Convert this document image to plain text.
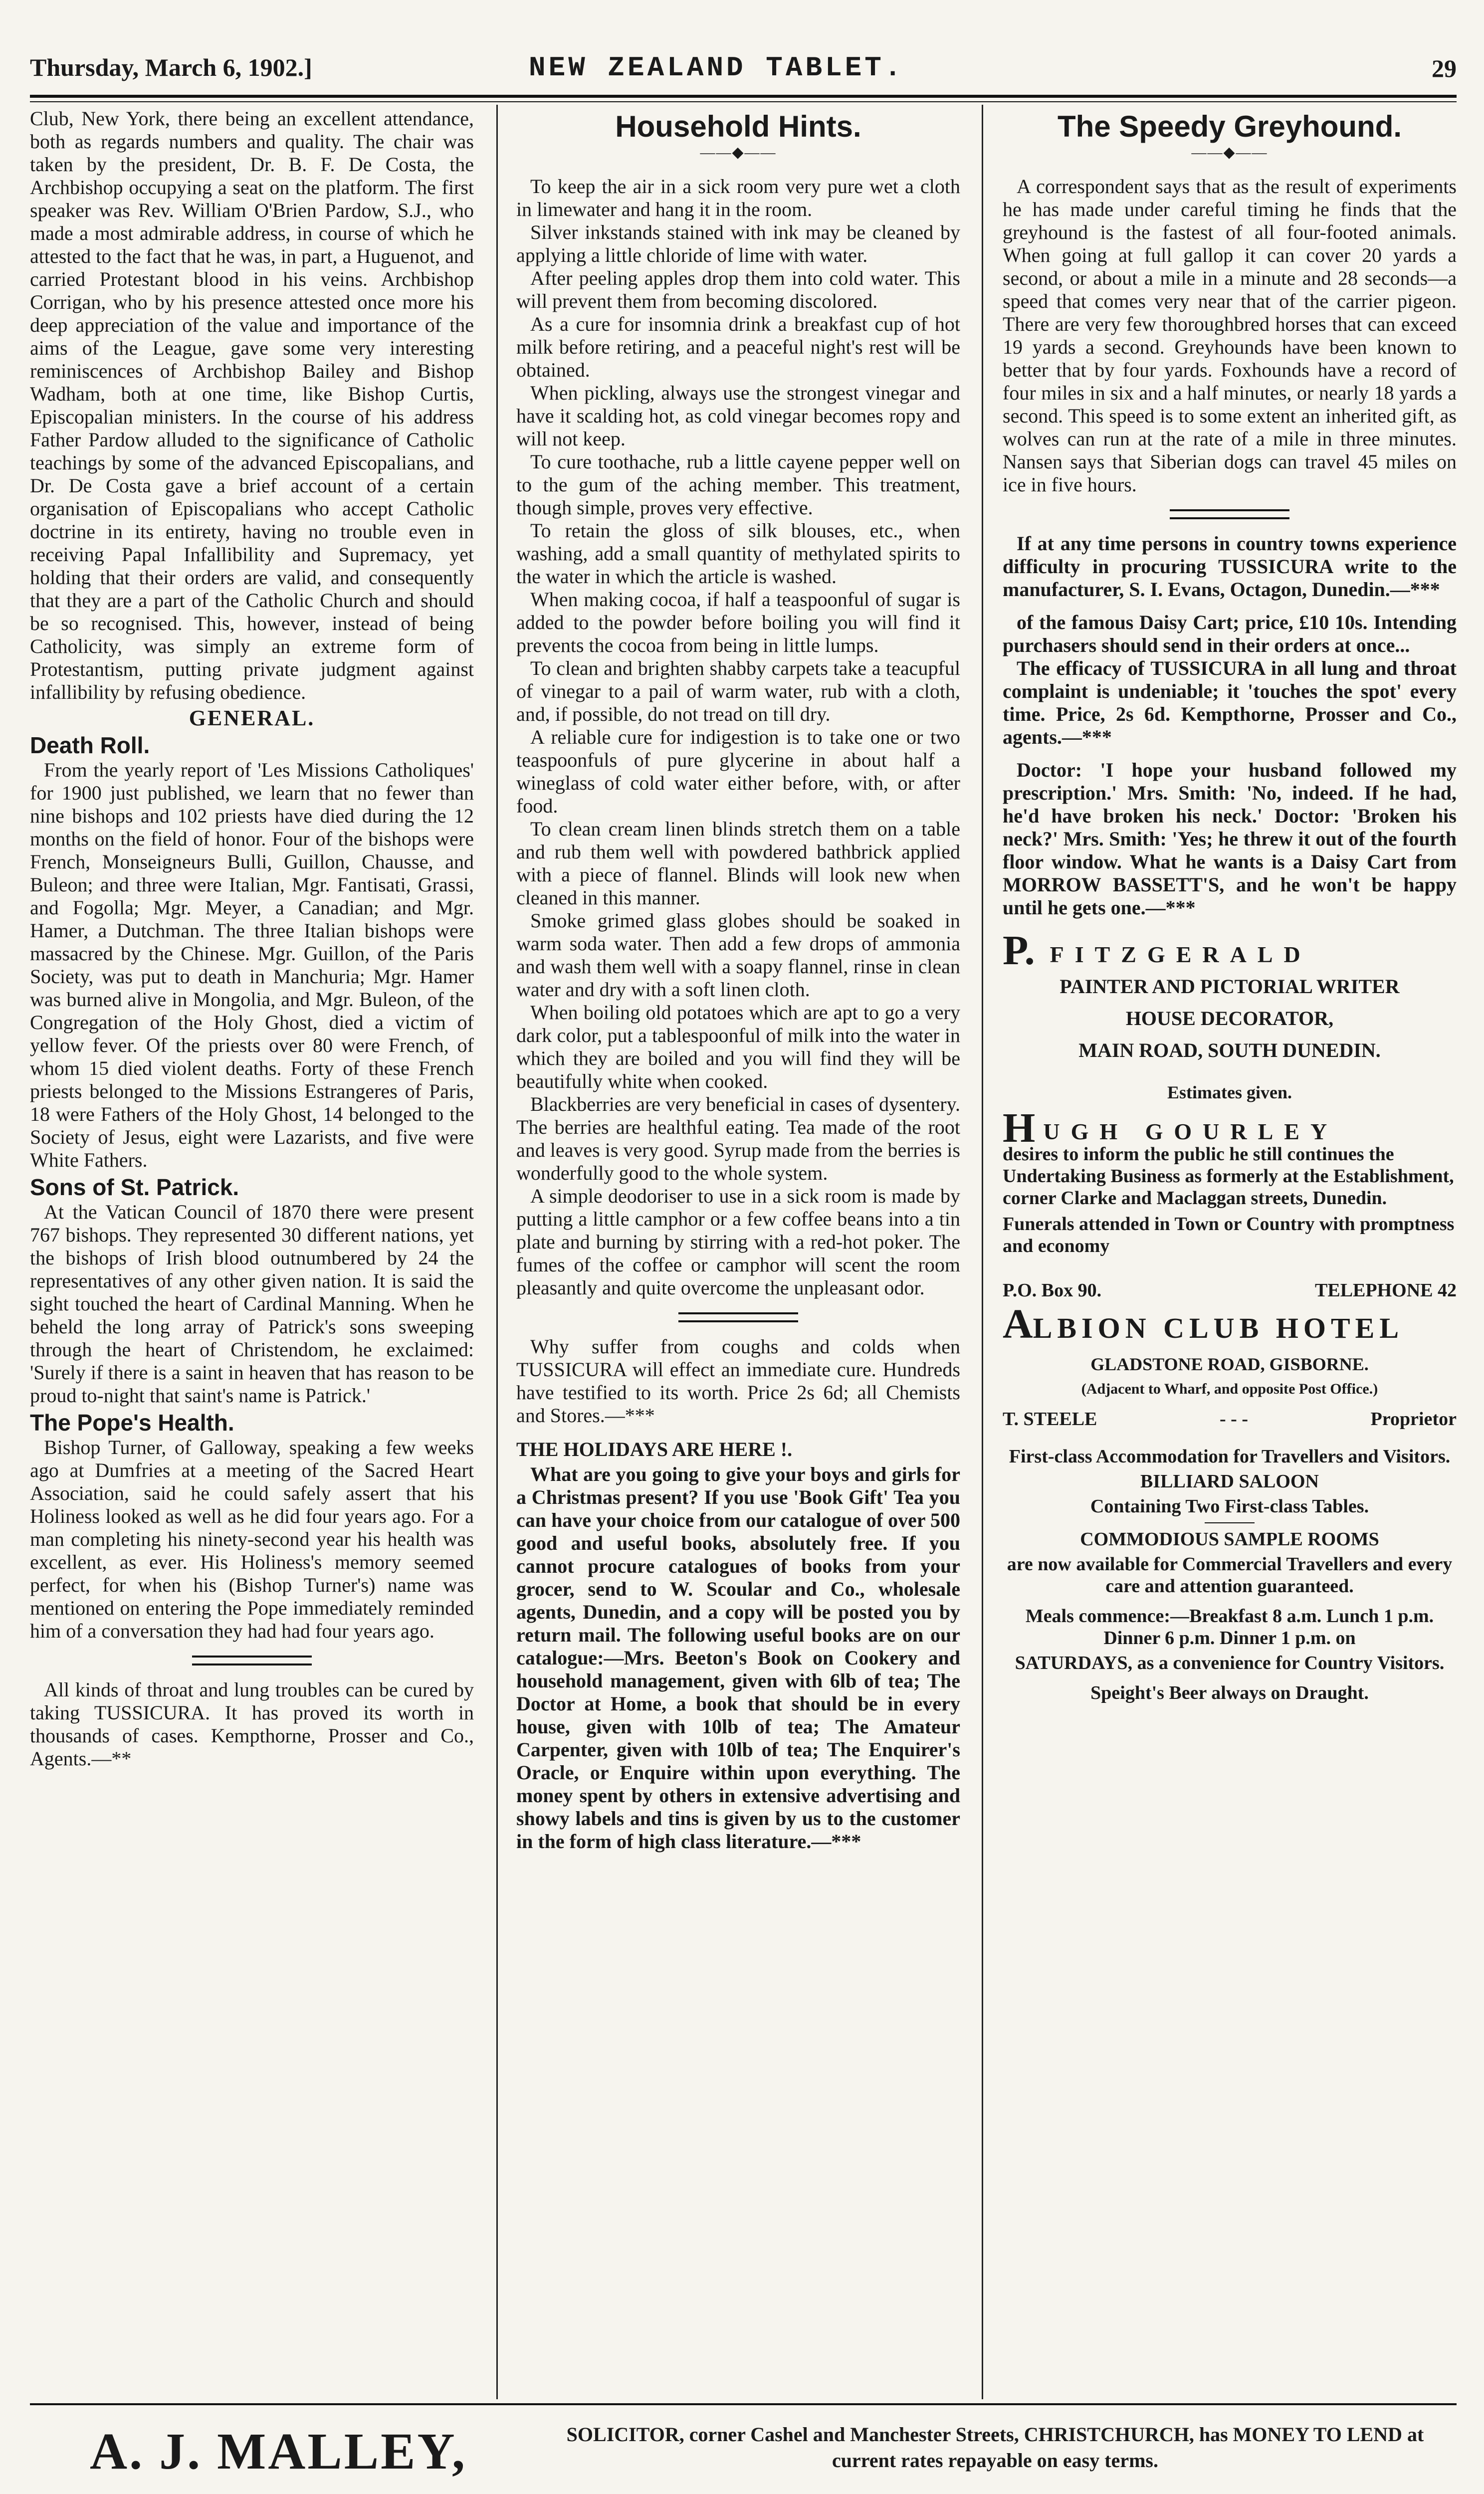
Thursday, March 6, 1902.]	NEW ZEALAND TABLET.	29

Club, New York, there being an excellent attendance, both as regards numbers and quality. The chair was taken by the president, Dr. B. F. De Costa, the Archbishop occupying a seat on the platform. The first speaker was Rev. William O'Brien Pardow, S.J., who made a most admirable address, in course of which he attested to the fact that he was, in part, a Huguenot, and carried Protestant blood in his veins. Archbishop Corrigan, who by his presence attested once more his deep appreciation of the value and importance of the aims of the League, gave some very interesting reminiscences of Archbishop Bailey and Bishop Wadham, both at one time, like Bishop Curtis, Episcopalian ministers. In the course of his address Father Pardow alluded to the significance of Catholic teachings by some of the advanced Episcopalians, and Dr. De Costa gave a brief account of a certain organisation of Episcopalians who accept Catholic doctrine in its entirety, having no trouble even in receiving Papal Infallibility and Supremacy, yet holding that their orders are valid, and consequently that they are a part of the Catholic Church and should be so recognised. This, however, instead of being Catholicity, was simply an extreme form of Protestantism, putting private judgment against infallibility by refusing obedience.

GENERAL.
Death Roll.

From the yearly report of 'Les Missions Catholiques' for 1900 just published, we learn that no fewer than nine bishops and 102 priests have died during the 12 months on the field of honor. Four of the bishops were French, Monseigneurs Bulli, Guillon, Chausse, and Buleon; and three were Italian, Mgr. Fantisati, Grassi, and Fogolla; Mgr. Meyer, a Canadian; and Mgr. Hamer, a Dutchman. The three Italian bishops were massacred by the Chinese. Mgr. Guillon, of the Paris Society, was put to death in Manchuria; Mgr. Hamer was burned alive in Mongolia, and Mgr. Buleon, of the Congregation of the Holy Ghost, died a victim of yellow fever. Of the priests over 80 were French, of whom 15 died violent deaths. Forty of these French priests belonged to the Missions Estrangeres of Paris, 18 were Fathers of the Holy Ghost, 14 belonged to the Society of Jesus, eight were Lazarists, and five were White Fathers.

Sons of St. Patrick.

At the Vatican Council of 1870 there were present 767 bishops. They represented 30 different nations, yet the bishops of Irish blood outnumbered by 24 the representatives of any other given nation. It is said the sight touched the heart of Cardinal Manning. When he beheld the long array of Patrick's sons sweeping through the heart of Christendom, he exclaimed: 'Surely if there is a saint in heaven that has reason to be proud to-night that saint's name is Patrick.'

The Pope's Health.

Bishop Turner, of Galloway, speaking a few weeks ago at Dumfries at a meeting of the Sacred Heart Association, said he could safely assert that his Holiness looked as well as he did four years ago. For a man completing his ninety-second year his health was excellent, as ever. His Holiness's memory seemed perfect, for when his (Bishop Turner's) name was mentioned on entering the Pope immediately reminded him of a conversation they had had four years ago.

All kinds of throat and lung troubles can be cured by taking TUSSICURA. It has proved its worth in thousands of cases. Kempthorne, Prosser and Co., Agents.—**

Household Hints.
——◆——

To keep the air in a sick room very pure wet a cloth in limewater and hang it in the room.

Silver inkstands stained with ink may be cleaned by applying a little chloride of lime with water.

After peeling apples drop them into cold water. This will prevent them from becoming discolored.

As a cure for insomnia drink a breakfast cup of hot milk before retiring, and a peaceful night's rest will be obtained.

When pickling, always use the strongest vinegar and have it scalding hot, as cold vinegar becomes ropy and will not keep.

To cure toothache, rub a little cayene pepper well on to the gum of the aching member. This treatment, though simple, proves very effective.

To retain the gloss of silk blouses, etc., when washing, add a small quantity of methylated spirits to the water in which the article is washed.

When making cocoa, if half a teaspoonful of sugar is added to the powder before boiling you will find it prevents the cocoa from being in little lumps.

To clean and brighten shabby carpets take a teacupful of vinegar to a pail of warm water, rub with a cloth, and, if possible, do not tread on till dry.

A reliable cure for indigestion is to take one or two teaspoonfuls of pure glycerine in about half a wineglass of cold water either before, with, or after food.

To clean cream linen blinds stretch them on a table and rub them well with powdered bathbrick applied with a piece of flannel. Blinds will look new when cleaned in this manner.

Smoke grimed glass globes should be soaked in warm soda water. Then add a few drops of ammonia and wash them well with a soapy flannel, rinse in clean water and dry with a soft linen cloth.

When boiling old potatoes which are apt to go a very dark color, put a tablespoonful of milk into the water in which they are boiled and you will find they will be beautifully white when cooked.

Blackberries are very beneficial in cases of dysentery. The berries are healthful eating. Tea made of the root and leaves is very good. Syrup made from the berries is wonderfully good to the whole system.

A simple deodoriser to use in a sick room is made by putting a little camphor or a few coffee beans into a tin plate and burning by stirring with a red-hot poker. The fumes of the coffee or camphor will scent the room pleasantly and quite overcome the unpleasant odor.

Why suffer from coughs and colds when TUSSICURA will effect an immediate cure. Hundreds have testified to its worth. Price 2s 6d; all Chemists and Stores.—***

THE HOLIDAYS ARE HERE !.

What are you going to give your boys and girls for a Christmas present? If you use 'Book Gift' Tea you can have your choice from our catalogue of over 500 good and useful books, absolutely free. If you cannot procure catalogues of books from your grocer, send to W. Scoular and Co., wholesale agents, Dunedin, and a copy will be posted you by return mail. The following useful books are on our catalogue:—Mrs. Beeton's Book on Cookery and household management, given with 6lb of tea; The Doctor at Home, a book that should be in every house, given with 10lb of tea; The Amateur Carpenter, given with 10lb of tea; The Enquirer's Oracle, or Enquire within upon everything. The money spent by others in extensive advertising and showy labels and tins is given by us to the customer in the form of high class literature.—***

The Speedy Greyhound.
——◆——

A correspondent says that as the result of experiments he has made under careful timing he finds that the greyhound is the fastest of all four-footed animals. When going at full gallop it can cover 20 yards a second, or about a mile in a minute and 28 seconds—a speed that comes very near that of the carrier pigeon. There are very few thoroughbred horses that can exceed 19 yards a second. Greyhounds have been known to better that by four yards. Foxhounds have a record of four miles in six and a half minutes, or nearly 18 yards a second. This speed is to some extent an inherited gift, as wolves can run at the rate of a mile in three minutes. Nansen says that Siberian dogs can travel 45 miles on ice in five hours.

If at any time persons in country towns experience difficulty in procuring TUSSICURA write to the manufacturer, S. I. Evans, Octagon, Dunedin.—***

of the famous Daisy Cart; price, £10 10s. Intending purchasers should send in their orders at once...

The efficacy of TUSSICURA in all lung and throat complaint is undeniable; it 'touches the spot' every time. Price, 2s 6d. Kempthorne, Prosser and Co., agents.—***

Doctor: 'I hope your husband followed my prescription.' Mrs. Smith: 'No, indeed. If he had, he'd have broken his neck.' Doctor: 'Broken his neck?' Mrs. Smith: 'Yes; he threw it out of the fourth floor window. What he wants is a Daisy Cart from MORROW BASSETT'S, and he won't be happy until he gets one.—***

P. FITZGERALD
PAINTER AND PICTORIAL WRITER
HOUSE DECORATOR,
MAIN ROAD, SOUTH DUNEDIN.
Estimates given.
HUGH GOURLEY
desires to inform the public he still continues the Undertaking Business as formerly at the Establishment, corner Clarke and Maclaggan streets, Dunedin.
Funerals attended in Town or Country with promptness and economy
P.O. Box 90.	TELEPHONE 42
ALBION CLUB HOTEL
GLADSTONE ROAD, GISBORNE.
(Adjacent to Wharf, and opposite Post Office.)
T. STEELE	- - -	Proprietor
First-class Accommodation for Travellers and Visitors.
BILLIARD SALOON
Containing Two First-class Tables.
COMMODIOUS SAMPLE ROOMS
are now available for Commercial Travellers and every care and attention guaranteed.
Meals commence:—Breakfast 8 a.m. Lunch 1 p.m. Dinner 6 p.m. Dinner 1 p.m. on
SATURDAYS, as a convenience for Country Visitors.
Speight's Beer always on Draught.
A. J. MALLEY,	SOLICITOR, corner Cashel and Manchester Streets, CHRISTCHURCH, has MONEY TO LEND at current rates repayable on easy terms.
